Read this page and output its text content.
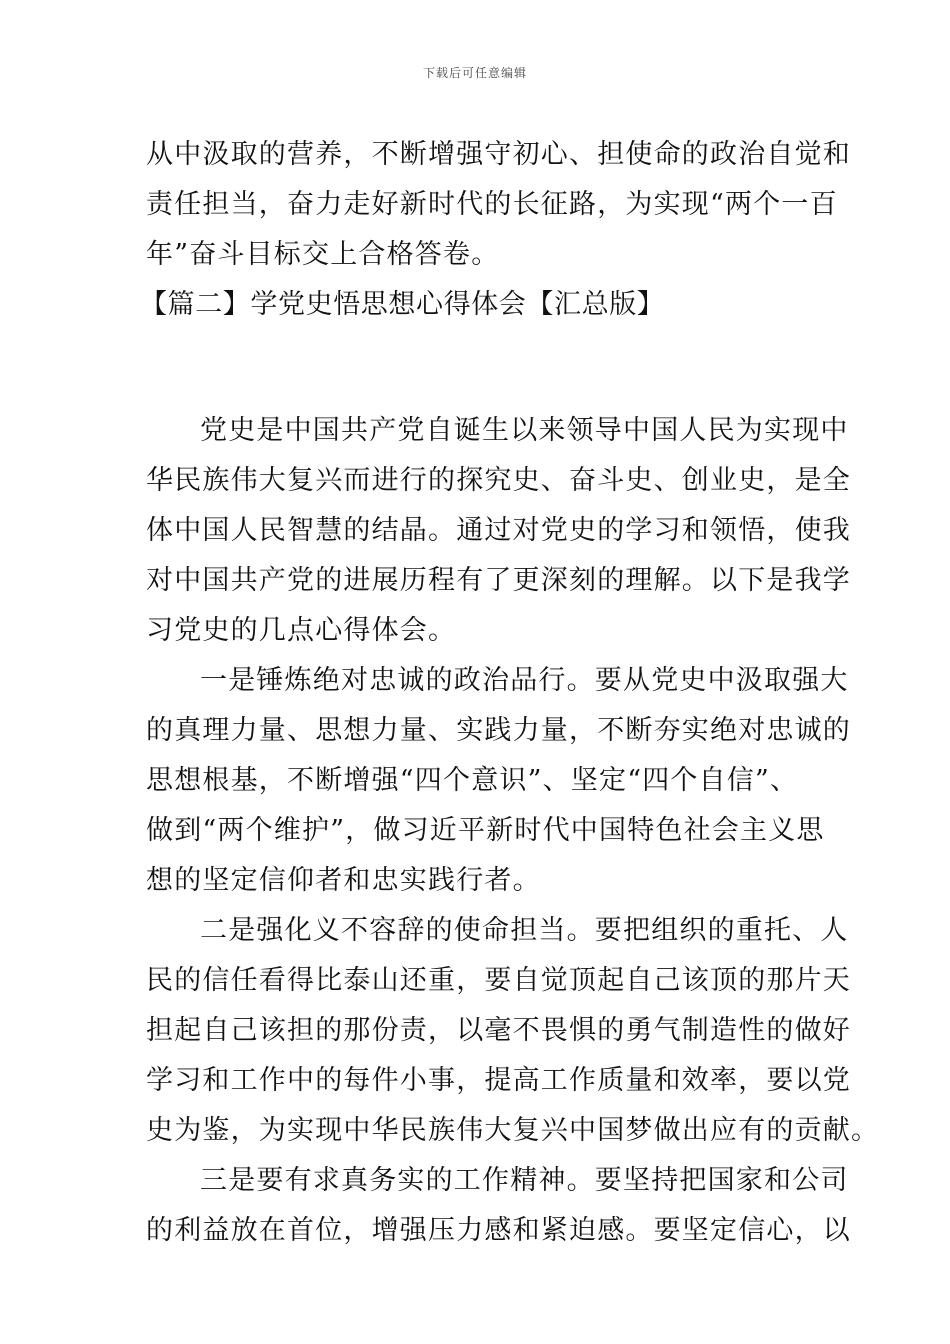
下载后可任意编辑
从中汲取的营养，不断增强守初心、担使命的政治自觉和
责任担当，奋力走好新时代的长征路，为实现“两个一百
年”奋斗目标交上合格答卷。
【篇二】学党史悟思想心得体会【汇总版】
党史是中国共产党自诞生以来领导中国人民为实现中
华民族伟大复兴而进行的探究史、奋斗史、创业史，是全
体中国人民智慧的结晶。通过对党史的学习和领悟，使我
对中国共产党的进展历程有了更深刻的理解。以下是我学
习党史的几点心得体会。
一是锤炼绝对忠诚的政治品行。要从党史中汲取强大
的真理力量、思想力量、实践力量，不断夯实绝对忠诚的
思想根基，不断增强“四个意识”、坚定“四个自信”、
做到“两个维护”，做习近平新时代中国特色社会主义思
想的坚定信仰者和忠实践行者。
二是强化义不容辞的使命担当。要把组织的重托、人
民的信任看得比泰山还重，要自觉顶起自己该顶的那片天
担起自己该担的那份责，以毫不畏惧的勇气制造性的做好
学习和工作中的每件小事，提高工作质量和效率，要以党
史为鉴，为实现中华民族伟大复兴中国梦做出应有的贡献。
三是要有求真务实的工作精神。要坚持把国家和公司
的利益放在首位，增强压力感和紧迫感。要坚定信心，以
